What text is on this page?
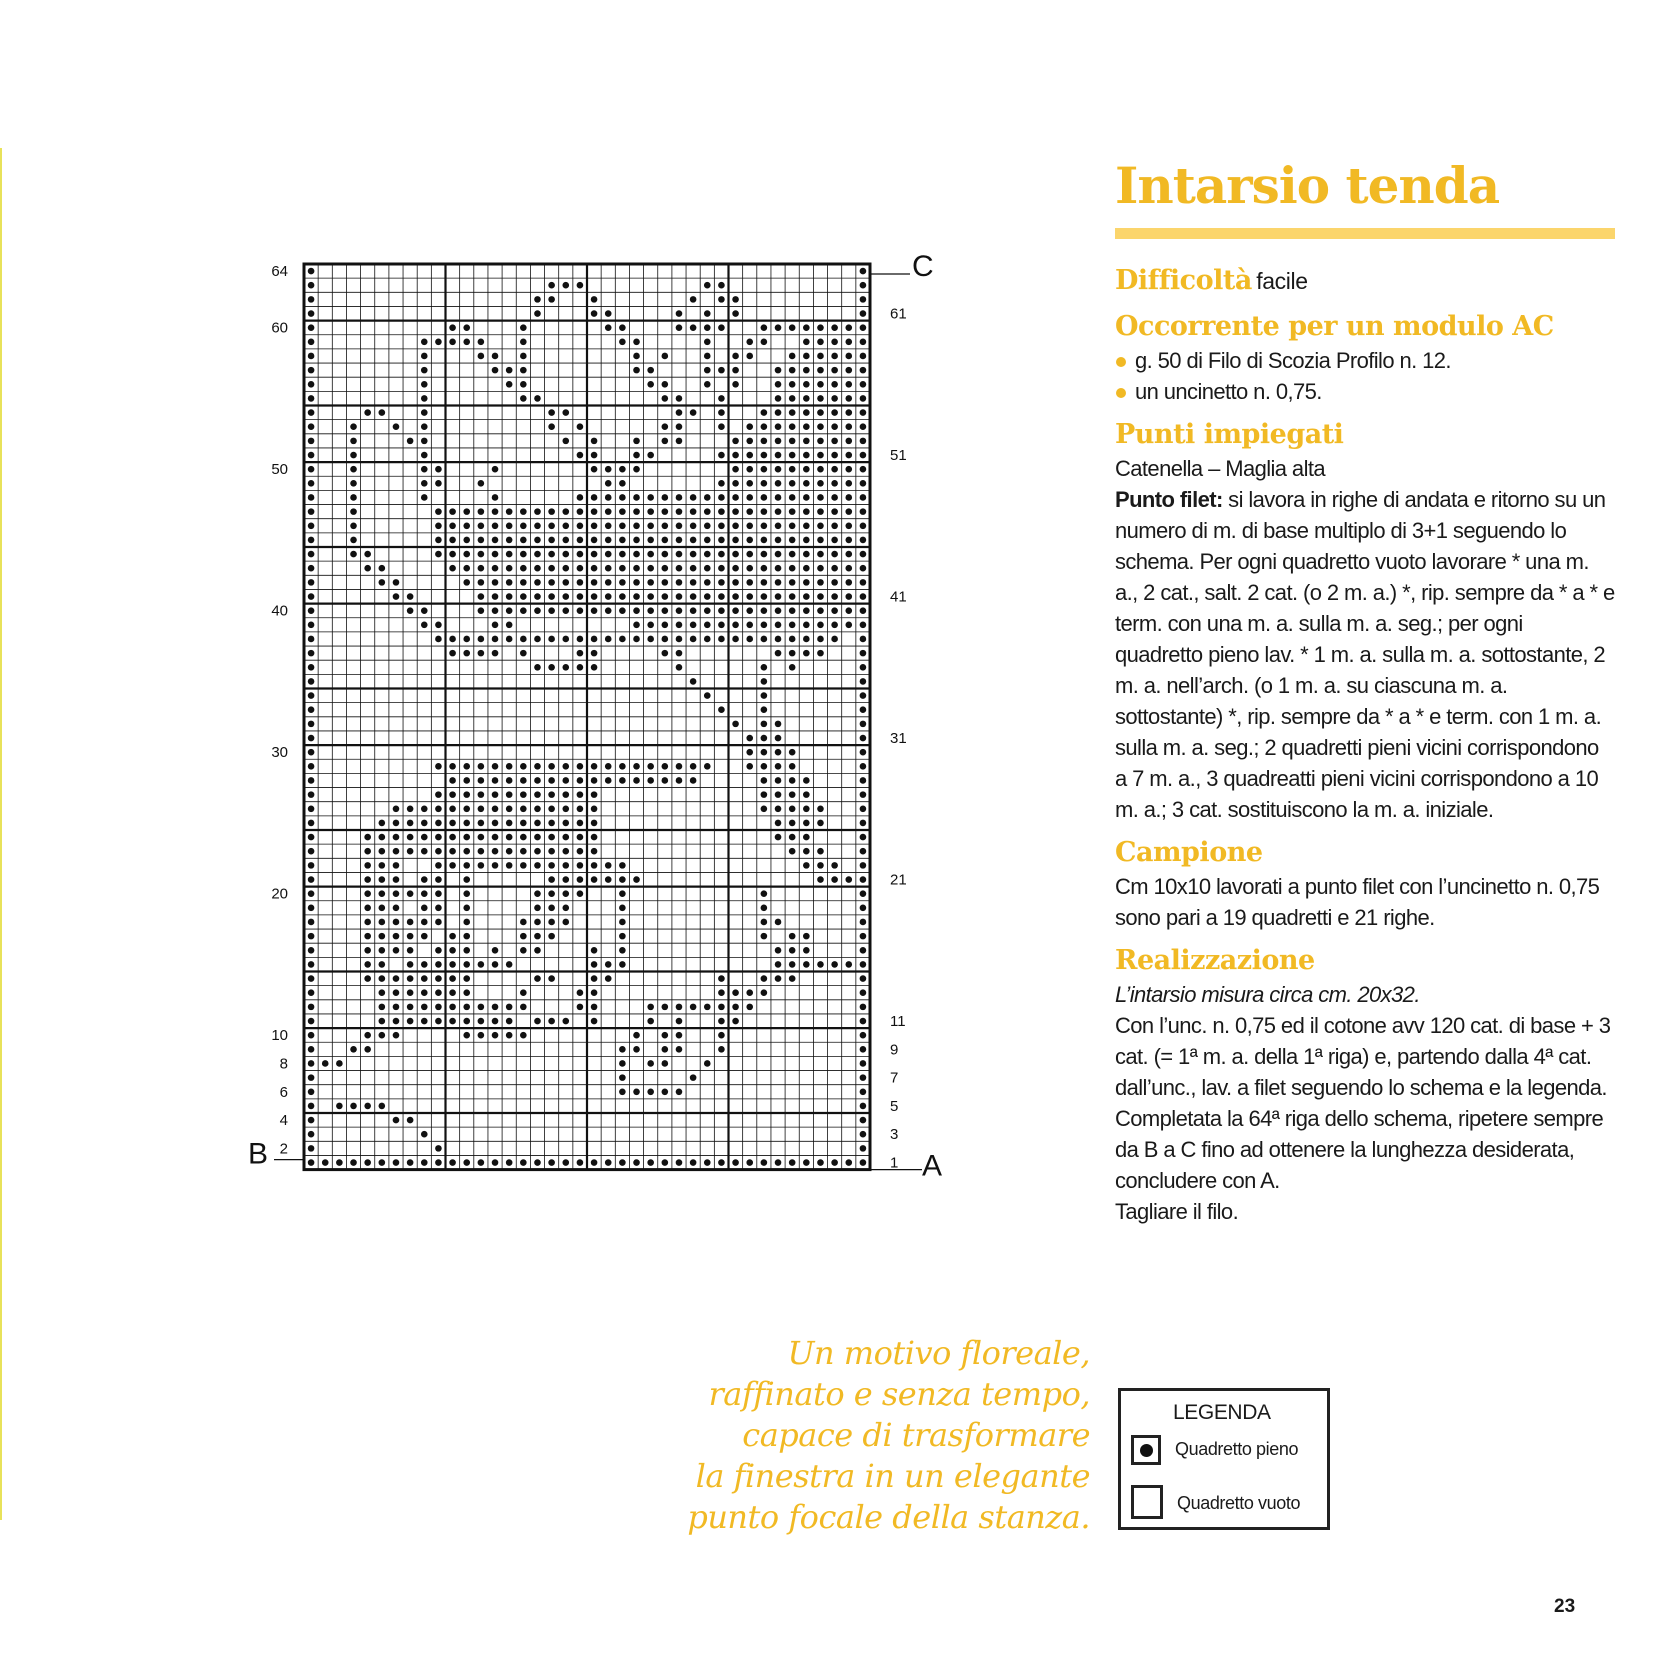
64
60
50
40
30
20
10
8
6
4
2
61
51
41
31
21
11
9
7
5
3
1
C
A
B
Intarsio tenda
Difficoltà facile
Occorrente per un modulo AC
g. 50 di Filo di Scozia Profilo n. 12.
un uncinetto n. 0,75.
Punti impiegati
Catenella – Maglia alta
Punto filet: si lavora in righe di andata e ritorno su un numero di m. di base multiplo di 3+1 seguendo lo schema. Per ogni quadretto vuoto lavorare * una m. a., 2 cat., salt. 2 cat. (o 2 m. a.) *, rip. sempre da * a * e term. con una m. a. sulla m. a. seg.; per ogni quadretto pieno lav. * 1 m. a. sulla m. a. sottostante, 2 m. a. nell’arch. (o 1 m. a. su ciascuna m. a. sottostante) *, rip. sempre da * a * e term. con 1 m. a. sulla m. a. seg.; 2 quadretti pieni vicini corrispondono a 7 m. a., 3 quadreatti pieni vicini corrispondono a 10 m. a.; 3 cat. sostituiscono la m. a. iniziale.
Campione
Cm 10x10 lavorati a punto filet con l’uncinetto n. 0,75 sono pari a 19 quadretti e 21 righe.
Realizzazione
L’intarsio misura circa cm. 20x32.
Con l’unc. n. 0,75 ed il cotone avv 120 cat. di base + 3 cat. (= 1ª m. a. della 1ª riga) e, partendo dalla 4ª cat. dall’unc., lav. a filet seguendo lo schema e la legenda. Completata la 64ª riga dello schema, ripetere sempre da B a C fino ad ottenere la lunghezza desiderata, concludere con A.
Tagliare il filo.
Un motivo floreale,
raffinato e senza tempo,
capace di trasformare
la finestra in un elegante
punto focale della stanza.
LEGENDA
Quadretto pieno
Quadretto vuoto
23
